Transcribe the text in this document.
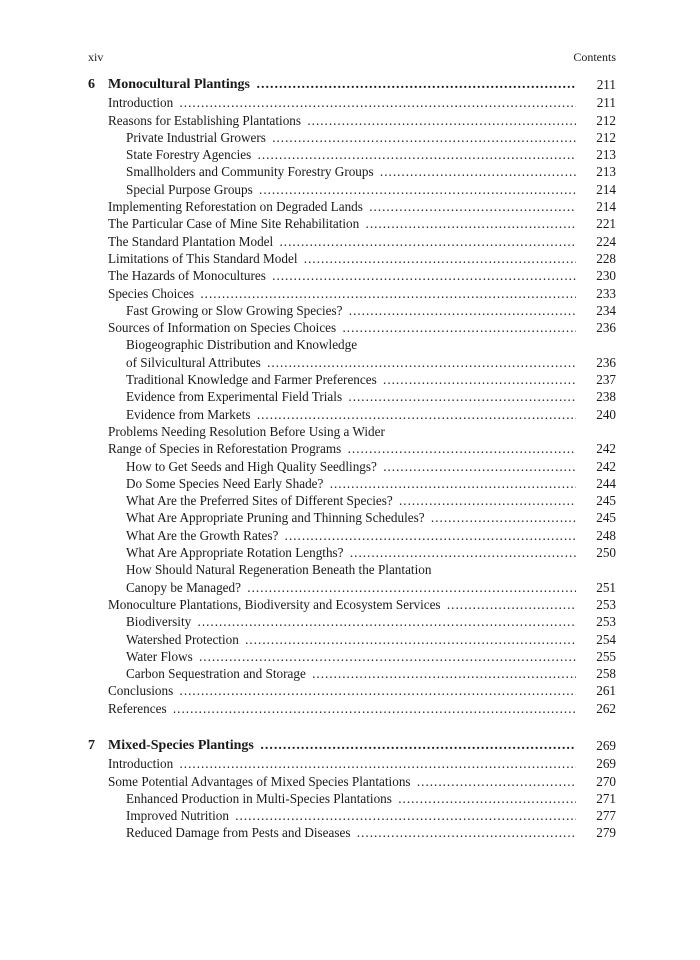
xiv	Contents
6 Monocultural Plantings .....	211
Introduction .....	211
Reasons for Establishing Plantations .....	212
Private Industrial Growers .....	212
State Forestry Agencies .....	213
Smallholders and Community Forestry Groups .....	213
Special Purpose Groups .....	214
Implementing Reforestation on Degraded Lands .....	214
The Particular Case of Mine Site Rehabilitation .....	221
The Standard Plantation Model .....	224
Limitations of This Standard Model .....	228
The Hazards of Monocultures .....	230
Species Choices .....	233
Fast Growing or Slow Growing Species? .....	234
Sources of Information on Species Choices .....	236
Biogeographic Distribution and Knowledge
of Silvicultural Attributes .....	236
Traditional Knowledge and Farmer Preferences .....	237
Evidence from Experimental Field Trials .....	238
Evidence from Markets .....	240
Problems Needing Resolution Before Using a Wider
Range of Species in Reforestation Programs .....	242
How to Get Seeds and High Quality Seedlings? .....	242
Do Some Species Need Early Shade? .....	244
What Are the Preferred Sites of Different Species? .....	245
What Are Appropriate Pruning and Thinning Schedules? .....	245
What Are the Growth Rates? .....	248
What Are Appropriate Rotation Lengths? .....	250
How Should Natural Regeneration Beneath the Plantation
Canopy be Managed? .....	251
Monoculture Plantations, Biodiversity and Ecosystem Services .....	253
Biodiversity .....	253
Watershed Protection .....	254
Water Flows .....	255
Carbon Sequestration and Storage .....	258
Conclusions .....	261
References .....	262
7 Mixed-Species Plantings .....	269
Introduction .....	269
Some Potential Advantages of Mixed Species Plantations .....	270
Enhanced Production in Multi-Species Plantations .....	271
Improved Nutrition .....	277
Reduced Damage from Pests and Diseases .....	279
